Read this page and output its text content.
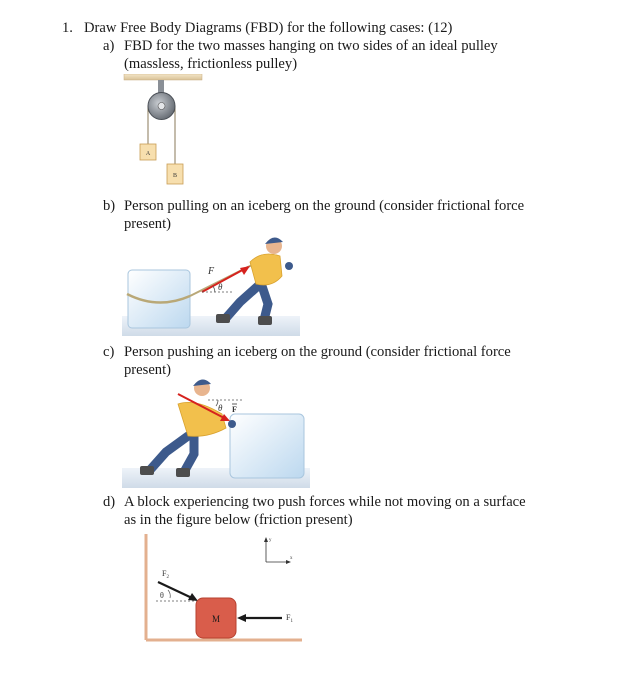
1. Draw Free Body Diagrams (FBD) for the following cases: (12)
a) FBD for the two masses hanging on two sides of an ideal pulley
(massless, frictionless pulley)
A
B
b) Person pulling on an iceberg on the ground (consider frictional force
present)
F
θ
c) Person pushing an iceberg on the ground (consider frictional force
present)
θ F
d) A block experiencing two push forces while not moving on a surface
as in the figure below (friction present)
y
x
$F_2$
θ
M	$F_1$
